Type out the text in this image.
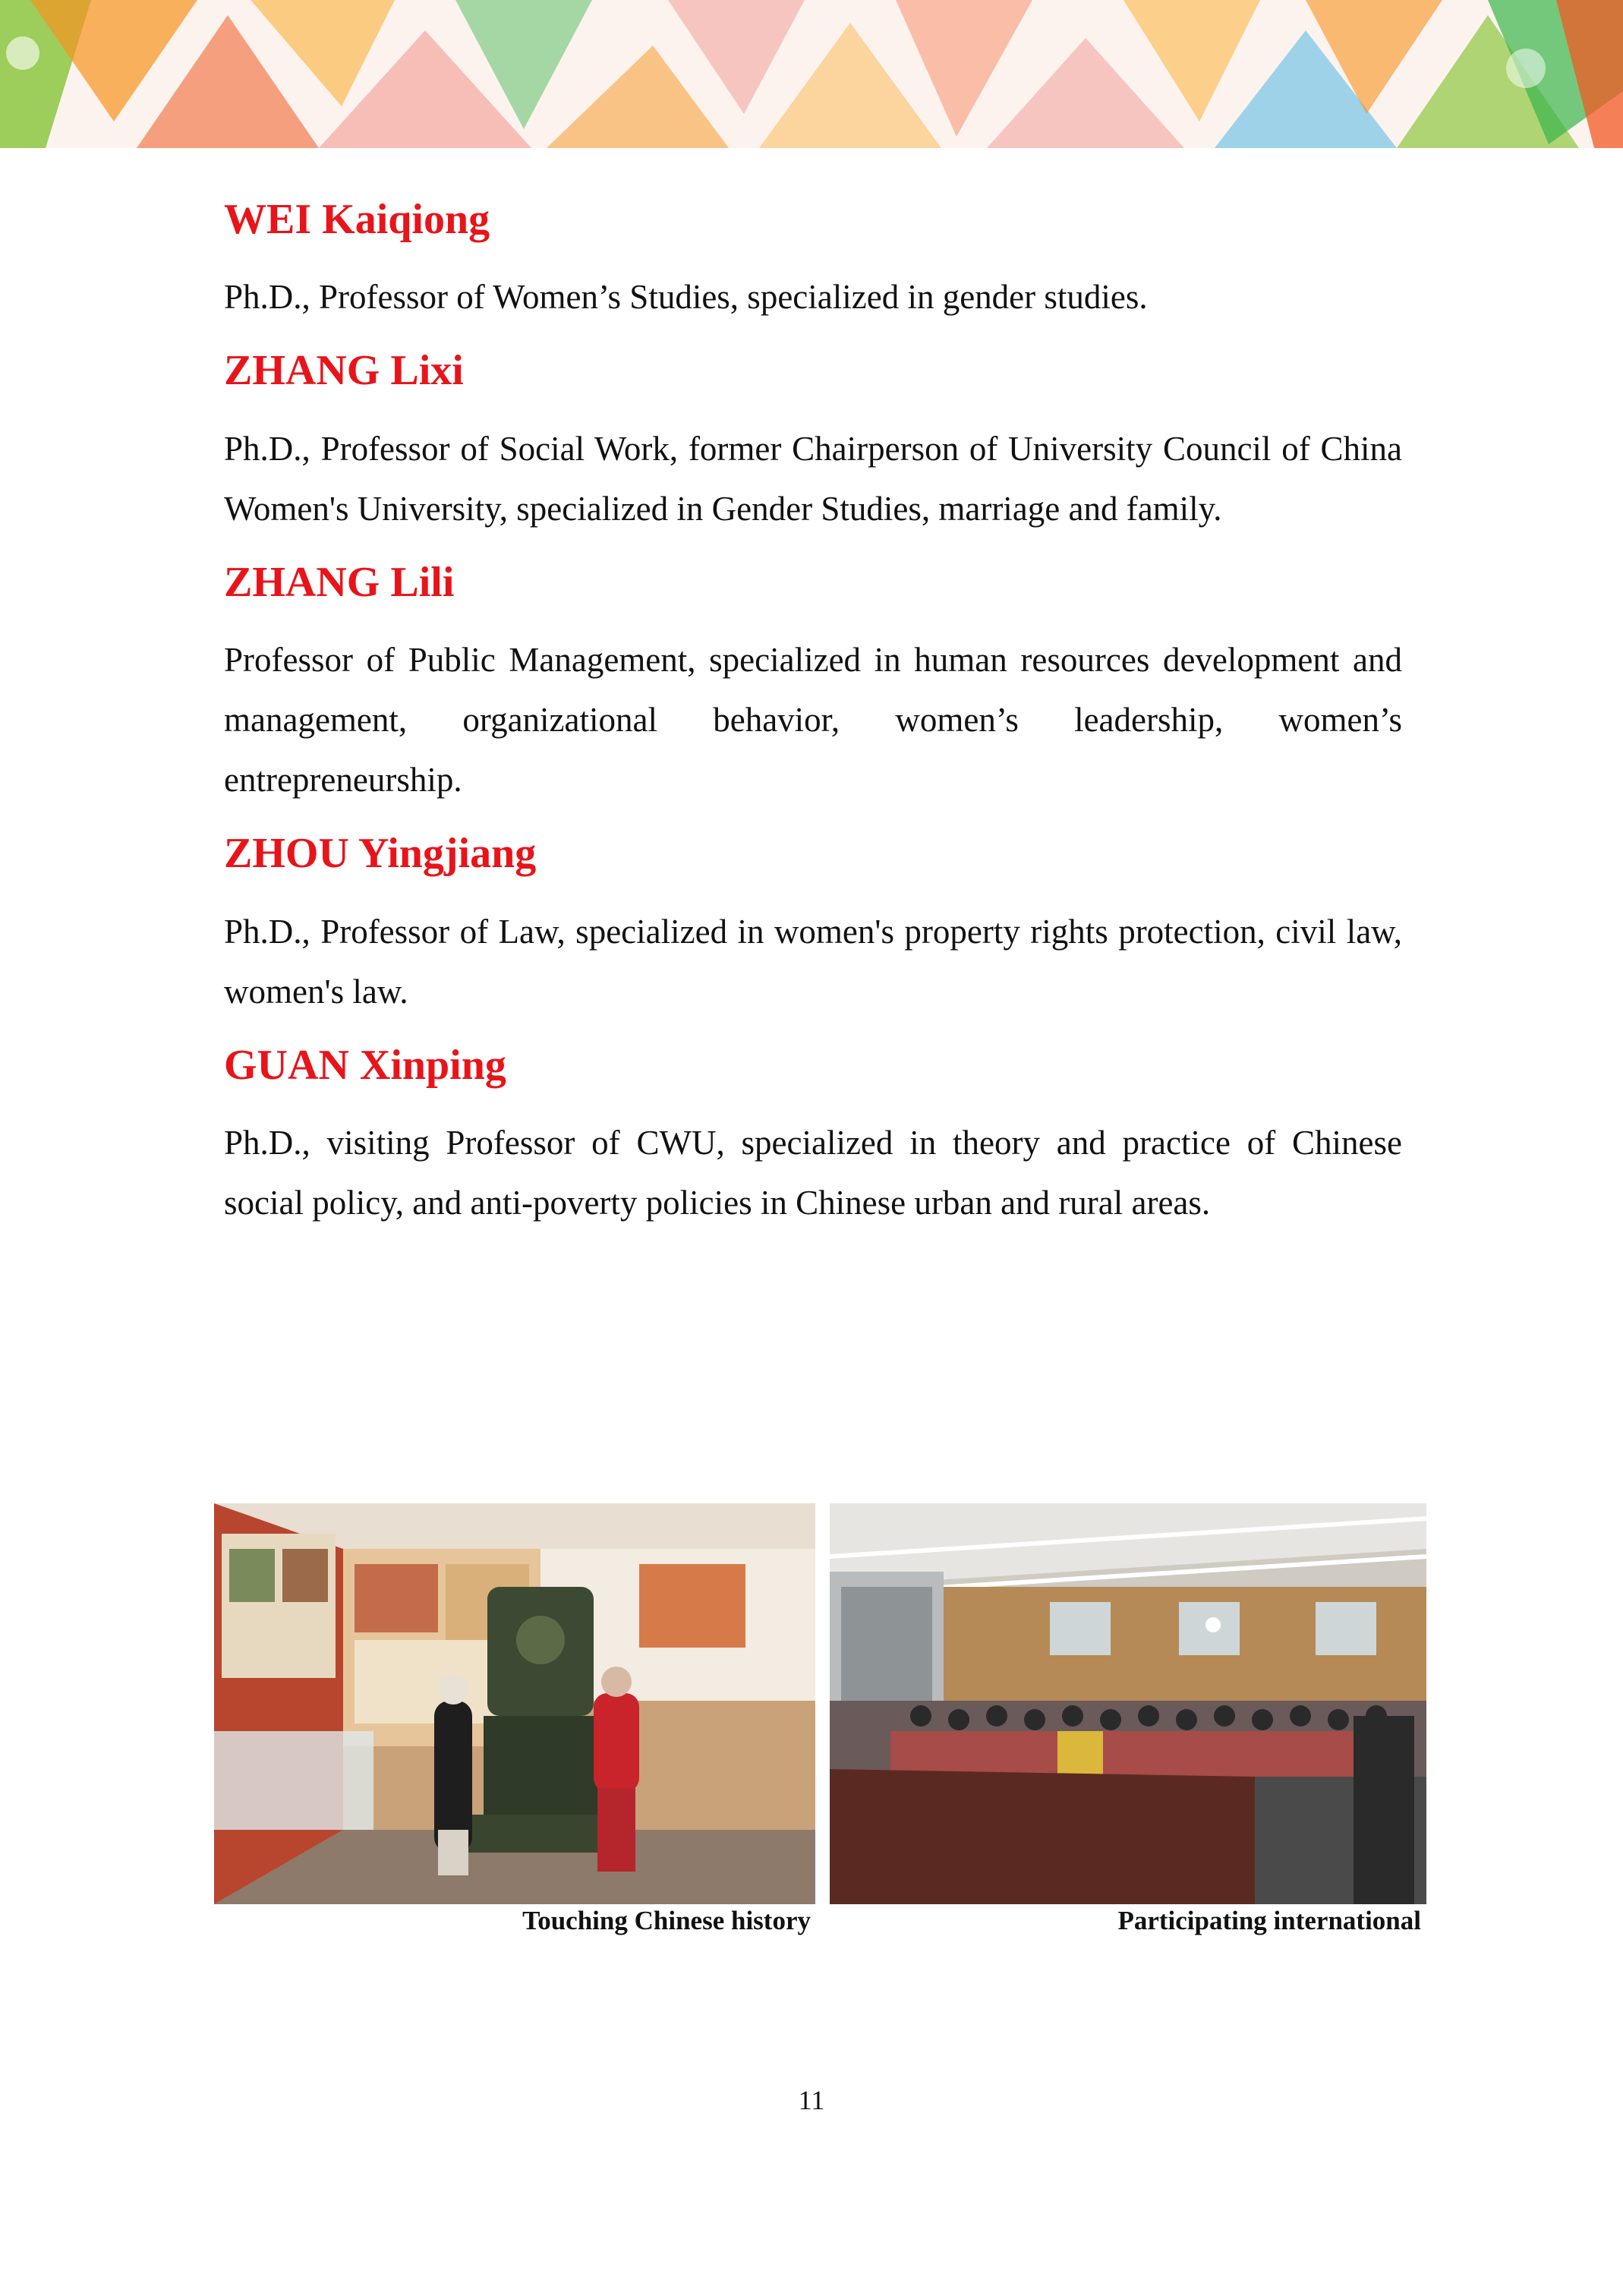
WEI Kaiqiong

Ph.D., Professor of Women’s Studies, specialized in gender studies.

ZHANG Lixi

Ph.D., Professor of Social Work, former Chairperson of University Council of China Women's University, specialized in Gender Studies, marriage and family.

ZHANG Lili

Professor of Public Management, specialized in human resources development and management, organizational behavior, women’s leadership, women’s entrepreneurship.

ZHOU Yingjiang

Ph.D., Professor of Law, specialized in women's property rights protection, civil law, women's law.

GUAN Xinping

Ph.D., visiting Professor of CWU, specialized in theory and practice of Chinese social policy, and anti-poverty policies in Chinese urban and rural areas.

Touching Chinese history	Participating international
11
